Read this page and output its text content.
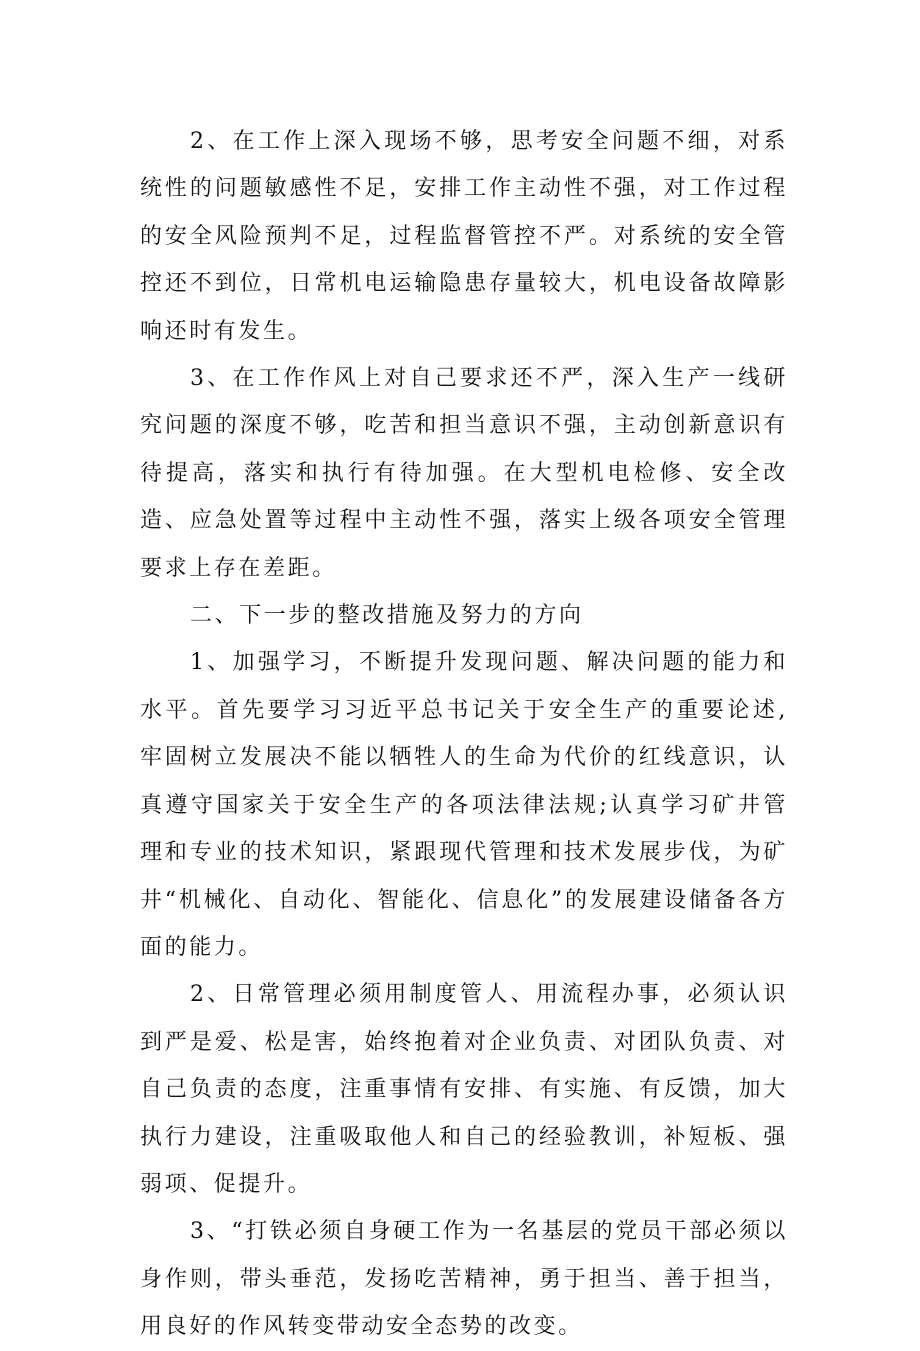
2、在工作上深入现场不够，思考安全问题不细，对系统性的问题敏感性不足，安排工作主动性不强，对工作过程的安全风险预判不足，过程监督管控不严。对系统的安全管控还不到位，日常机电运输隐患存量较大，机电设备故障影响还时有发生。

3、在工作作风上对自己要求还不严，深入生产一线研究问题的深度不够，吃苦和担当意识不强，主动创新意识有待提高，落实和执行有待加强。在大型机电检修、安全改造、应急处置等过程中主动性不强，落实上级各项安全管理要求上存在差距。

二、下一步的整改措施及努力的方向

1、加强学习，不断提升发现问题、解决问题的能力和水平。首先要学习习近平总书记关于安全生产的重要论述,牢固树立发展决不能以牺牲人的生命为代价的红线意识，认真遵守国家关于安全生产的各项法律法规;认真学习矿井管理和专业的技术知识，紧跟现代管理和技术发展步伐，为矿井“机械化、自动化、智能化、信息化”的发展建设储备各方面的能力。

2、日常管理必须用制度管人、用流程办事，必须认识到严是爱、松是害，始终抱着对企业负责、对团队负责、对自己负责的态度，注重事情有安排、有实施、有反馈，加大执行力建设，注重吸取他人和自己的经验教训，补短板、强弱项、促提升。

3、“打铁必须自身硬工作为一名基层的党员干部必须以身作则，带头垂范，发扬吃苦精神，勇于担当、善于担当，用良好的作风转变带动安全态势的改变。
